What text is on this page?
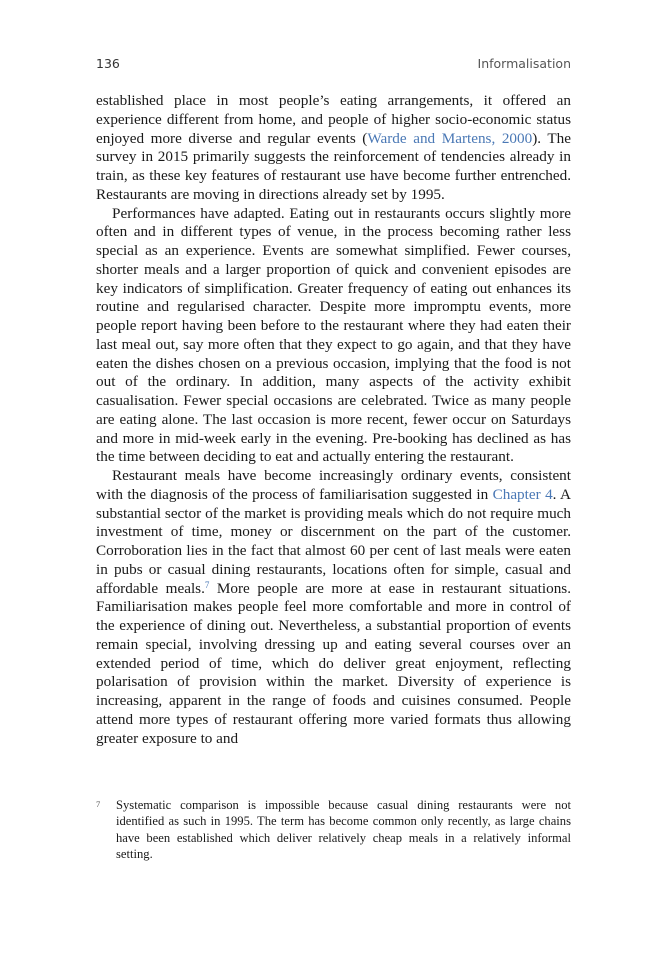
136	Informalisation

established place in most people’s eating arrangements, it offered an experience different from home, and people of higher socio-economic status enjoyed more diverse and regular events (Warde and Martens, 2000). The survey in 2015 primarily suggests the reinforcement of tendencies already in train, as these key features of restaurant use have become further entrenched. Restaurants are moving in directions already set by 1995.

Performances have adapted. Eating out in restaurants occurs slightly more often and in different types of venue, in the process becoming rather less special as an experience. Events are somewhat simplified. Fewer courses, shorter meals and a larger proportion of quick and convenient episodes are key indicators of simplification. Greater frequency of eating out enhances its routine and regularised character. Despite more impromptu events, more people report having been before to the restaurant where they had eaten their last meal out, say more often that they expect to go again, and that they have eaten the dishes chosen on a previous occasion, implying that the food is not out of the ordinary. In addition, many aspects of the activity exhibit casualisation. Fewer special occasions are celebrated. Twice as many people are eating alone. The last occasion is more recent, fewer occur on Saturdays and more in mid-week early in the evening. Pre-booking has declined as has the time between deciding to eat and actually entering the restaurant.

Restaurant meals have become increasingly ordinary events, consistent with the diagnosis of the process of familiarisation suggested in Chapter 4. A substantial sector of the market is providing meals which do not require much investment of time, money or discernment on the part of the customer. Corroboration lies in the fact that almost 60 per cent of last meals were eaten in pubs or casual dining restaurants, locations often for simple, casual and affordable meals.$^7$ More people are more at ease in restaurant situations. Familiarisation makes people feel more comfortable and more in control of the experience of dining out. Nevertheless, a substantial proportion of events remain special, involving dressing up and eating several courses over an extended period of time, which do deliver great enjoyment, reflecting polarisation of provision within the market. Diversity of experience is increasing, apparent in the range of foods and cuisines consumed. People attend more types of restaurant offering more varied formats thus allowing greater exposure to and

7 Systematic comparison is impossible because casual dining restaurants were not identified as such in 1995. The term has become common only recently, as large chains have been established which deliver relatively cheap meals in a relatively informal setting.
